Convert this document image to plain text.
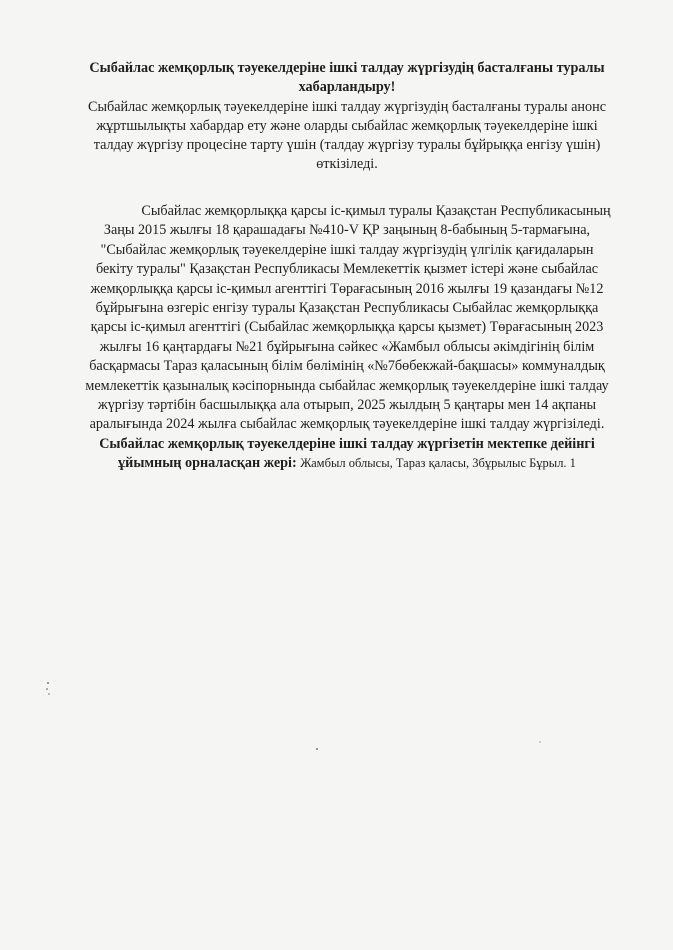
Сыбайлас жемқорлық тәуекелдеріне ішкі талдау жүргізудің басталғаны туралы хабарландыру!

Сыбайлас жемқорлық тәуекелдеріне ішкі талдау жүргізудің басталғаны туралы анонс жұртшылықты хабардар ету және оларды сыбайлас жемқорлық тәуекелдеріне ішкі талдау жүргізу процесіне тарту үшін (талдау жүргізу туралы бұйрыққа енгізу үшін) өткізіледі.

Сыбайлас жемқорлыққа қарсы іс-қимыл туралы Қазақстан Республикасының Заңы 2015 жылғы 18 қарашадағы №410-V ҚР заңының 8-бабының 5-тармағына, "Сыбайлас жемқорлық тәуекелдеріне ішкі талдау жүргізудің үлгілік қағидаларын бекіту туралы" Қазақстан Республикасы Мемлекеттік қызмет істері және сыбайлас жемқорлыққа қарсы іс-қимыл агенттігі Төрағасының 2016 жылғы 19 қазандағы №12 бұйрығына өзгеріс енгізу туралы Қазақстан Республикасы Сыбайлас жемқорлыққа қарсы іс-қимыл агенттігі (Сыбайлас жемқорлыққа қарсы қызмет) Төрағасының 2023 жылғы 16 қаңтардағы №21 бұйрығына сәйкес «Жамбыл облысы әкімдігінің білім басқармасы Тараз қаласының білім бөлімінің «№7бөбекжай-бақшасы» коммуналдық мемлекеттік қазыналық кәсіпорнында сыбайлас жемқорлық тәуекелдеріне ішкі талдау жүргізу тәртібін басшылыққа ала отырып, 2025 жылдың 5 қаңтары мен 14 ақпаны аралығында 2024 жылға сыбайлас жемқорлық тәуекелдеріне ішкі талдау жүргізіледі.

Сыбайлас жемқорлық тәуекелдеріне ішкі талдау жүргізетін мектепке дейінгі ұйымның орналасқан жері: Жамбыл облысы, Тараз қаласы, 3бұрылыс Бұрыл. 1
